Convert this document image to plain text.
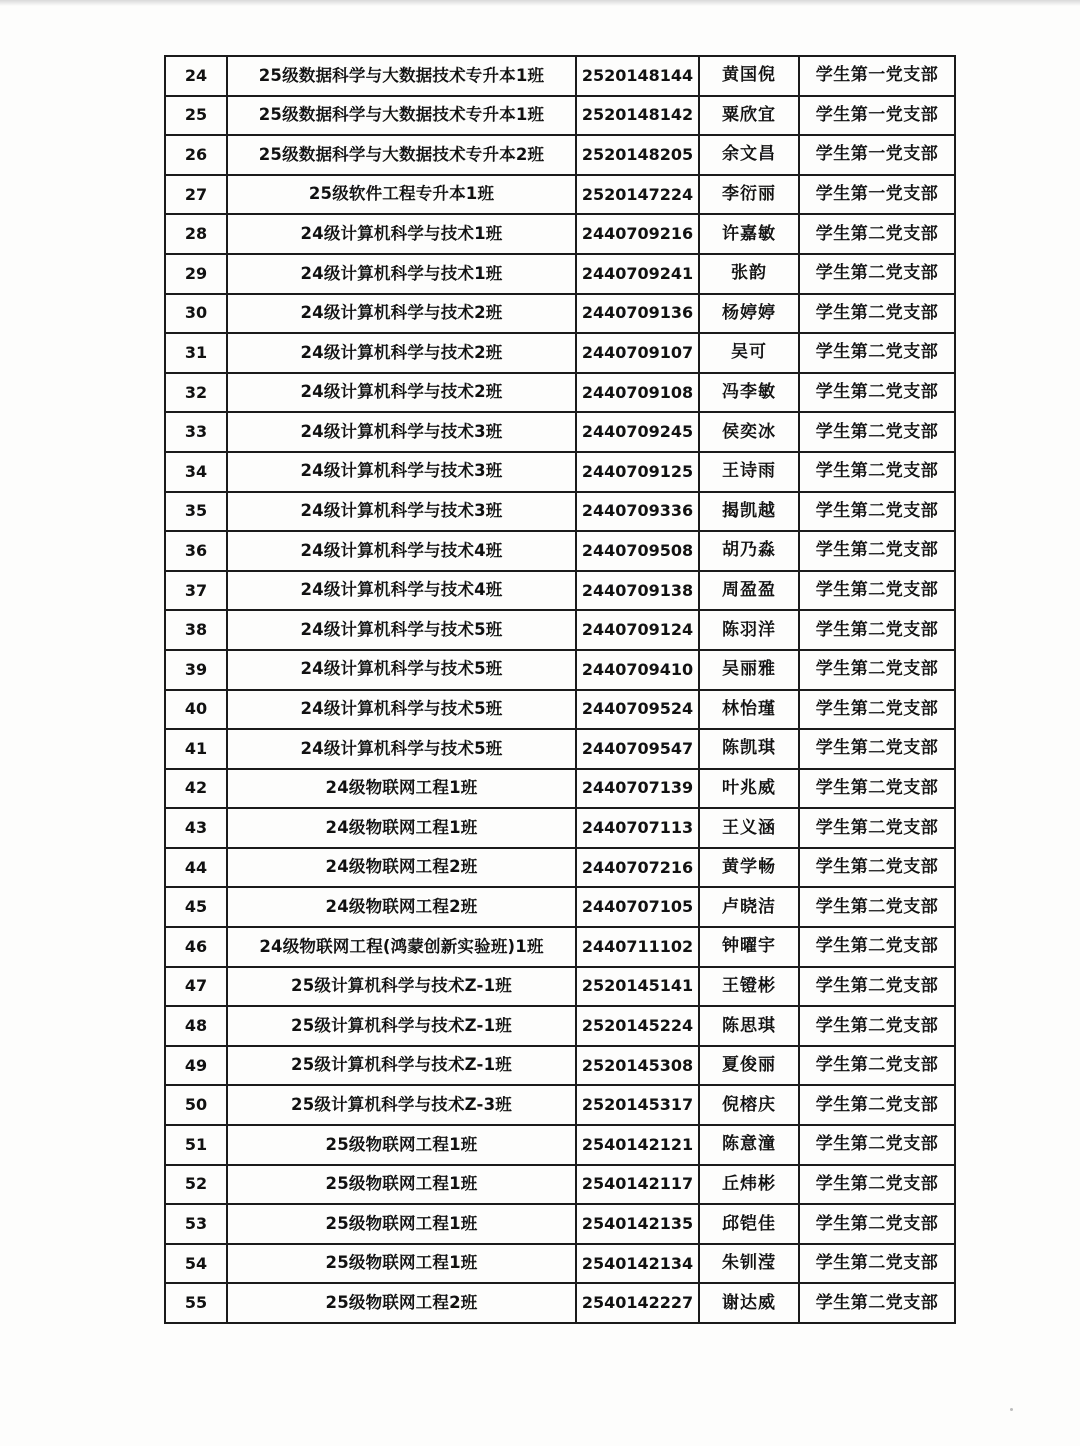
24	25级数据科学与大数据技术专升本1班	2520148144	黄国倪	学生第一党支部
25	25级数据科学与大数据技术专升本1班	2520148142	粟欣宜	学生第一党支部
26	25级数据科学与大数据技术专升本2班	2520148205	余文昌	学生第一党支部
27	25级软件工程专升本1班	2520147224	李衍丽	学生第一党支部
28	24级计算机科学与技术1班	2440709216	许嘉敏	学生第二党支部
29	24级计算机科学与技术1班	2440709241	张韵	学生第二党支部
30	24级计算机科学与技术2班	2440709136	杨婷婷	学生第二党支部
31	24级计算机科学与技术2班	2440709107	吴可	学生第二党支部
32	24级计算机科学与技术2班	2440709108	冯李敏	学生第二党支部
33	24级计算机科学与技术3班	2440709245	侯奕冰	学生第二党支部
34	24级计算机科学与技术3班	2440709125	王诗雨	学生第二党支部
35	24级计算机科学与技术3班	2440709336	揭凯越	学生第二党支部
36	24级计算机科学与技术4班	2440709508	胡乃淼	学生第二党支部
37	24级计算机科学与技术4班	2440709138	周盈盈	学生第二党支部
38	24级计算机科学与技术5班	2440709124	陈羽洋	学生第二党支部
39	24级计算机科学与技术5班	2440709410	吴丽雅	学生第二党支部
40	24级计算机科学与技术5班	2440709524	林怡瑾	学生第二党支部
41	24级计算机科学与技术5班	2440709547	陈凯琪	学生第二党支部
42	24级物联网工程1班	2440707139	叶兆威	学生第二党支部
43	24级物联网工程1班	2440707113	王义涵	学生第二党支部
44	24级物联网工程2班	2440707216	黄学畅	学生第二党支部
45	24级物联网工程2班	2440707105	卢晓洁	学生第二党支部
46	24级物联网工程(鸿蒙创新实验班)1班	2440711102	钟曜宇	学生第二党支部
47	25级计算机科学与技术Z-1班	2520145141	王镫彬	学生第二党支部
48	25级计算机科学与技术Z-1班	2520145224	陈思琪	学生第二党支部
49	25级计算机科学与技术Z-1班	2520145308	夏俊丽	学生第二党支部
50	25级计算机科学与技术Z-3班	2520145317	倪榕庆	学生第二党支部
51	25级物联网工程1班	2540142121	陈意潼	学生第二党支部
52	25级物联网工程1班	2540142117	丘炜彬	学生第二党支部
53	25级物联网工程1班	2540142135	邱铠佳	学生第二党支部
54	25级物联网工程1班	2540142134	朱钏滢	学生第二党支部
55	25级物联网工程2班	2540142227	谢达威	学生第二党支部
